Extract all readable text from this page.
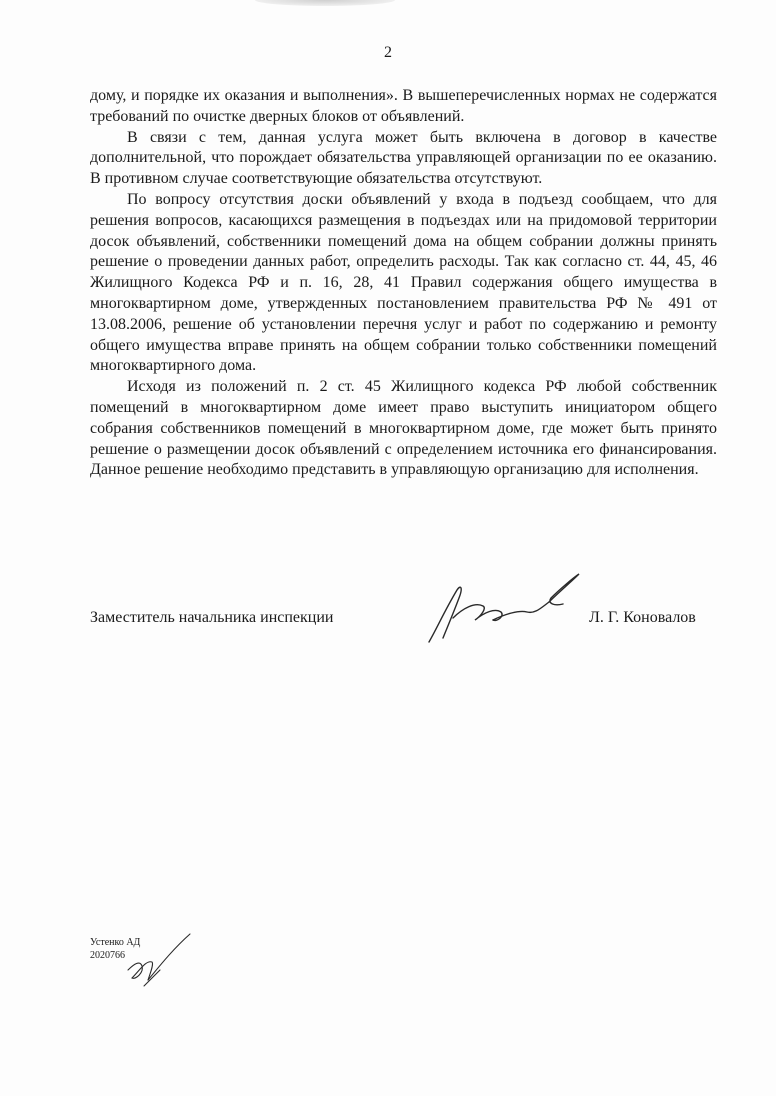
2

дому, и порядке их оказания и выполнения». В вышеперечисленных нормах не содержатся требований по очистке дверных блоков от объявлений.

В связи с тем, данная услуга может быть включена в договор в качестве дополнительной, что порождает обязательства управляющей организации по ее оказанию. В противном случае соответствующие обязательства отсутствуют.

По вопросу отсутствия доски объявлений у входа в подъезд сообщаем, что для решения вопросов, касающихся размещения в подъездах или на придомовой территории досок объявлений, собственники помещений дома на общем собрании должны принять решение о проведении данных работ, определить расходы. Так как согласно ст. 44, 45, 46 Жилищного Кодекса РФ и п. 16, 28, 41 Правил содержания общего имущества в многоквартирном доме, утвержденных постановлением правительства РФ № 491 от 13.08.2006, решение об установлении перечня услуг и работ по содержанию и ремонту общего имущества вправе принять на общем собрании только собственники помещений многоквартирного дома.

Исходя из положений п. 2 ст. 45 Жилищного кодекса РФ любой собственник помещений в многоквартирном доме имеет право выступить инициатором общего собрания собственников помещений в многоквартирном доме, где может быть принято решение о размещении досок объявлений с определением источника его финансирования. Данное решение необходимо представить в управляющую организацию для исполнения.

Заместитель начальника инспекции	Л. Г. Коновалов
Устенко АД
2020766
